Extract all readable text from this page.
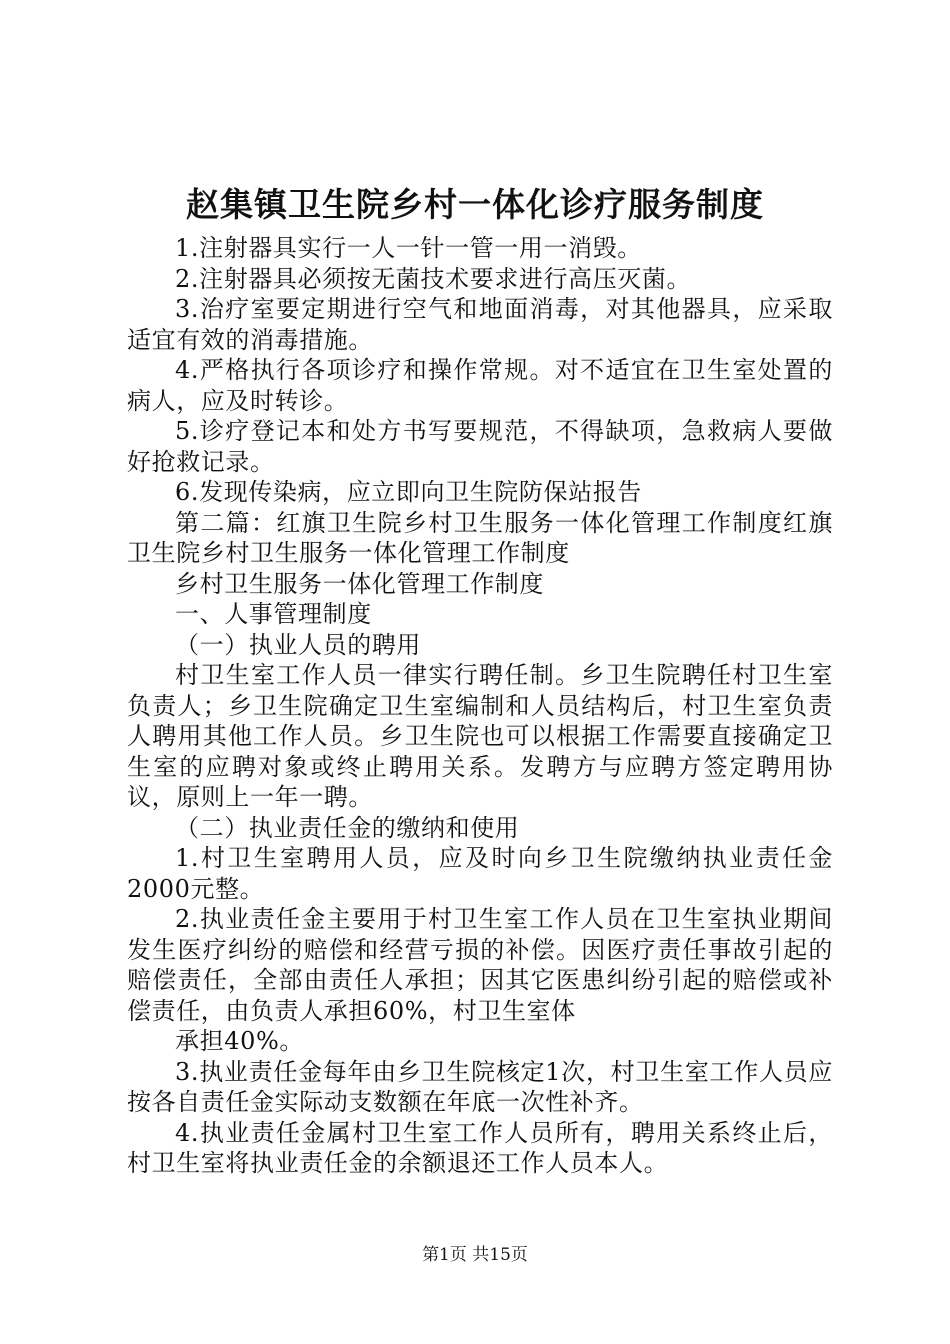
赵集镇卫生院乡村一体化诊疗服务制度

1.注射器具实行一人一针一管一用一消毁。

2.注射器具必须按无菌技术要求进行高压灭菌。

3.治疗室要定期进行空气和地面消毒，对其他器具，应采取适宜有效的消毒措施。

4.严格执行各项诊疗和操作常规。对不适宜在卫生室处置的病人，应及时转诊。

5.诊疗登记本和处方书写要规范，不得缺项，急救病人要做好抢救记录。

6.发现传染病，应立即向卫生院防保站报告

第二篇：红旗卫生院乡村卫生服务一体化管理工作制度红旗卫生院乡村卫生服务一体化管理工作制度

乡村卫生服务一体化管理工作制度

一、人事管理制度

（一）执业人员的聘用

村卫生室工作人员一律实行聘任制。乡卫生院聘任村卫生室负责人；乡卫生院确定卫生室编制和人员结构后，村卫生室负责人聘用其他工作人员。乡卫生院也可以根据工作需要直接确定卫生室的应聘对象或终止聘用关系。发聘方与应聘方签定聘用协议，原则上一年一聘。

（二）执业责任金的缴纳和使用

1.村卫生室聘用人员，应及时向乡卫生院缴纳执业责任金2000元整。

2.执业责任金主要用于村卫生室工作人员在卫生室执业期间发生医疗纠纷的赔偿和经营亏损的补偿。因医疗责任事故引起的赔偿责任，全部由责任人承担；因其它医患纠纷引起的赔偿或补偿责任，由负责人承担60%，村卫生室体

承担40%。

3.执业责任金每年由乡卫生院核定1次，村卫生室工作人员应按各自责任金实际动支数额在年底一次性补齐。

4.执业责任金属村卫生室工作人员所有，聘用关系终止后，村卫生室将执业责任金的余额退还工作人员本人。

第1页 共15页
